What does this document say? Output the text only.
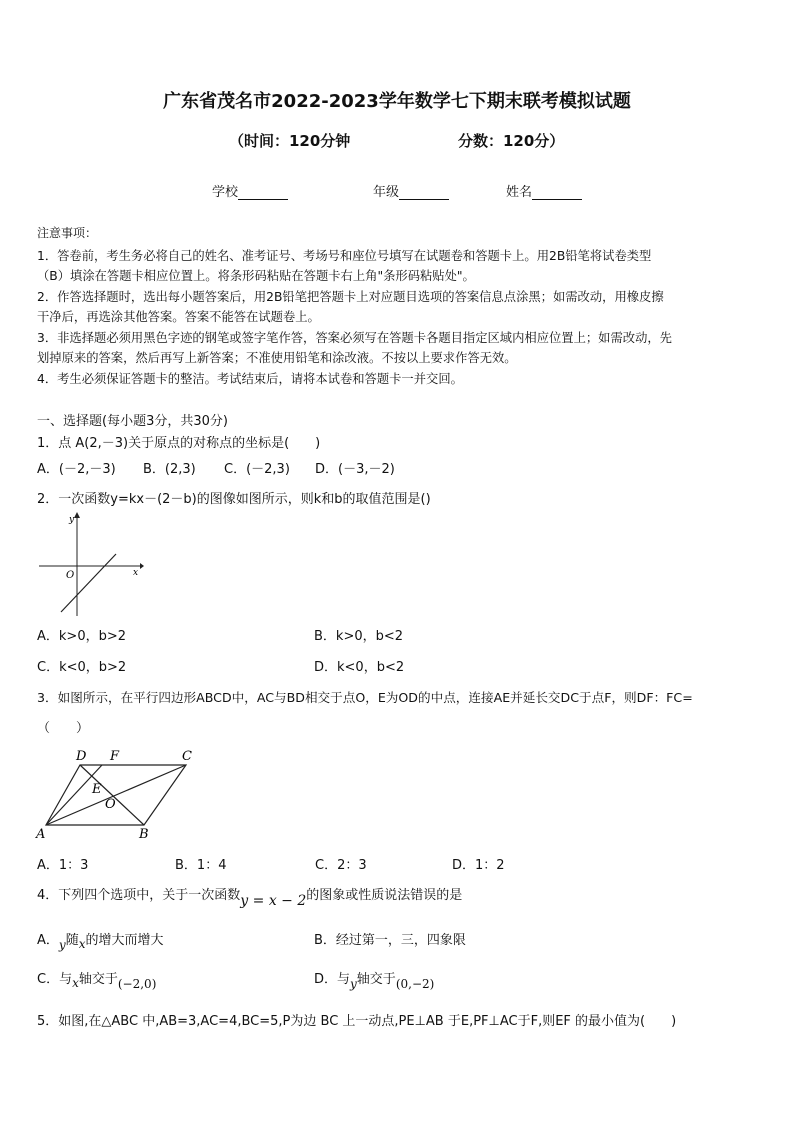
广东省茂名市2022-2023学年数学七下期末联考模拟试题
（时间：120分钟	分数：120分）
学校	年级	姓名
注意事项：
1．答卷前，考生务必将自己的姓名、准考证号、考场号和座位号填写在试题卷和答题卡上。用2B铅笔将试卷类型
（B）填涂在答题卡相应位置上。将条形码粘贴在答题卡右上角"条形码粘贴处"。
2．作答选择题时，选出每小题答案后，用2B铅笔把答题卡上对应题目选项的答案信息点涂黑；如需改动，用橡皮擦
干净后，再选涂其他答案。答案不能答在试题卷上。
3．非选择题必须用黑色字迹的钢笔或签字笔作答，答案必须写在答题卡各题目指定区域内相应位置上；如需改动，先
划掉原来的答案，然后再写上新答案；不准使用铅笔和涂改液。不按以上要求作答无效。
4．考生必须保证答题卡的整洁。考试结束后，请将本试卷和答题卡一并交回。
一、选择题(每小题3分，共30分)
1．点 A(2,－3)关于原点的对称点的坐标是(　　)
A．(－2,－3) B．(2,3) C．(－2,3) D．(－3,－2)
2．一次函数y=kx－(2－b)的图像如图所示，则k和b的取值范围是()
y
x
O
A．k>0，b>2	B．k>0，b<2
C．k<0，b>2	D．k<0，b<2
3．如图所示，在平行四边形ABCD中，AC与BD相交于点O，E为OD的中点，连接AE并延长交DC于点F，则DF：FC=
（　　）
D F	C
E
O
A	B
A．1：3	B．1：4	C．2：3	D．1：2
4．下列四个选项中，关于一次函数y = x − 2的图象或性质说法错误的是
A．y随x的增大而增大	B．经过第一，三，四象限
C．与x轴交于(−2,0)	D．与y轴交于(0,−2)
5．如图,在△ABC 中,AB=3,AC=4,BC=5,P为边 BC 上一动点,PE⊥AB 于E,PF⊥AC于F,则EF 的最小值为(　　)
